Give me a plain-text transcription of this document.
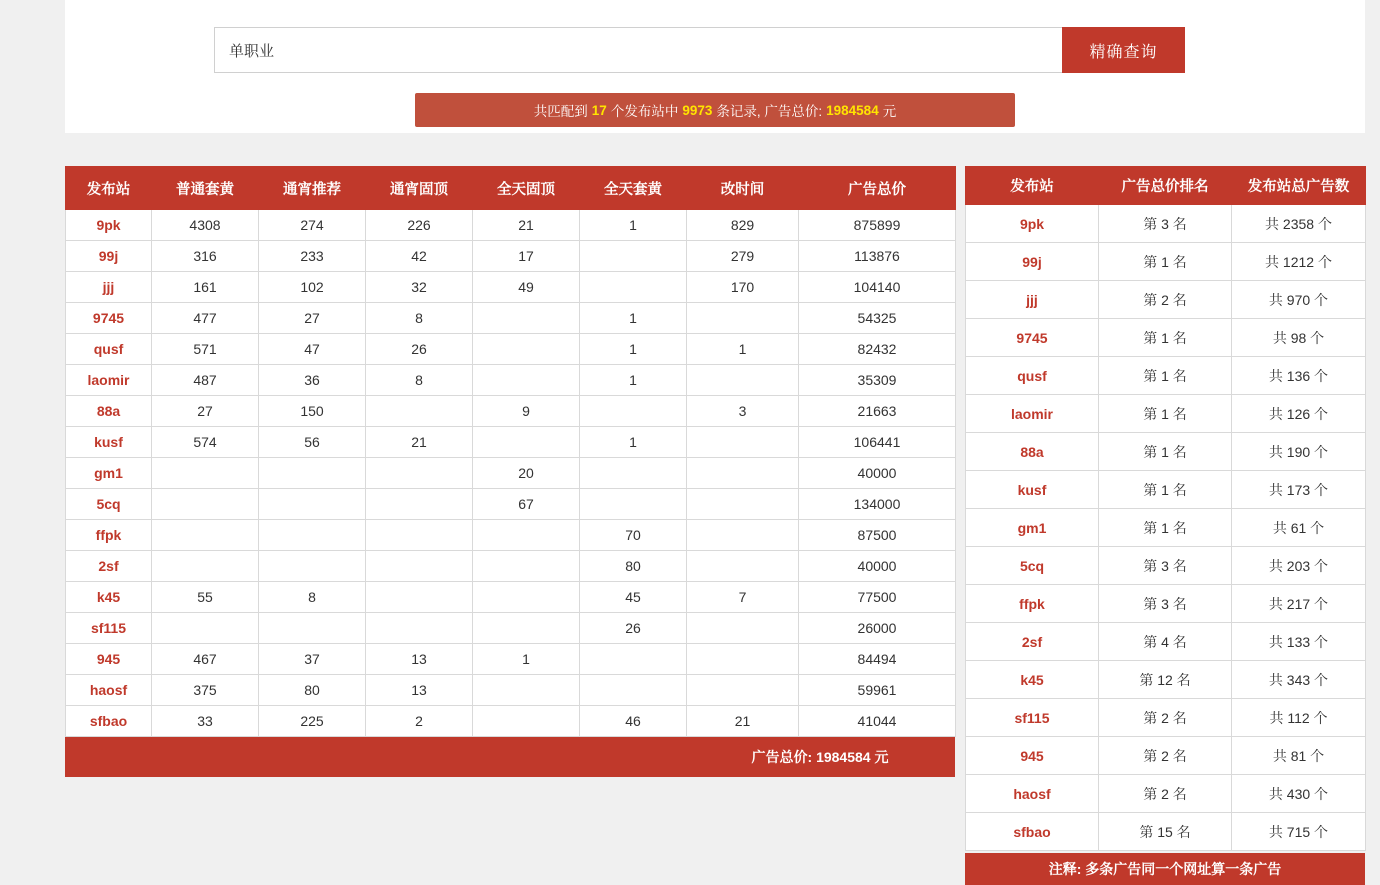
单职业
精确查询
共匹配到 17 个发布站中 9973 条记录, 广告总价: 1984584 元
发布站	普通套黄	通宵推荐	通宵固顶	全天固顶	全天套黄	改时间	广告总价
9pk	4308	274	226	21	1	829	875899
99j	316	233	42	17		279	113876
jjj	161	102	32	49		170	104140
9745	477	27	8		1		54325
qusf	571	47	26		1	1	82432
laomir	487	36	8		1		35309
88a	27	150		9		3	21663
kusf	574	56	21		1		106441
gm1				20			40000
5cq				67			134000
ffpk					70		87500
2sf					80		40000
k45	55	8			45	7	77500
sf115					26		26000
945	467	37	13	1			84494
haosf	375	80	13				59961
sfbao	33	225	2		46	21	41044
广告总价: 1984584 元
发布站	广告总价排名	发布站总广告数
9pk	第 3 名	共 2358 个
99j	第 1 名	共 1212 个
jjj	第 2 名	共 970 个
9745	第 1 名	共 98 个
qusf	第 1 名	共 136 个
laomir	第 1 名	共 126 个
88a	第 1 名	共 190 个
kusf	第 1 名	共 173 个
gm1	第 1 名	共 61 个
5cq	第 3 名	共 203 个
ffpk	第 3 名	共 217 个
2sf	第 4 名	共 133 个
k45	第 12 名	共 343 个
sf115	第 2 名	共 112 个
945	第 2 名	共 81 个
haosf	第 2 名	共 430 个
sfbao	第 15 名	共 715 个
注释: 多条广告同一个网址算一条广告
